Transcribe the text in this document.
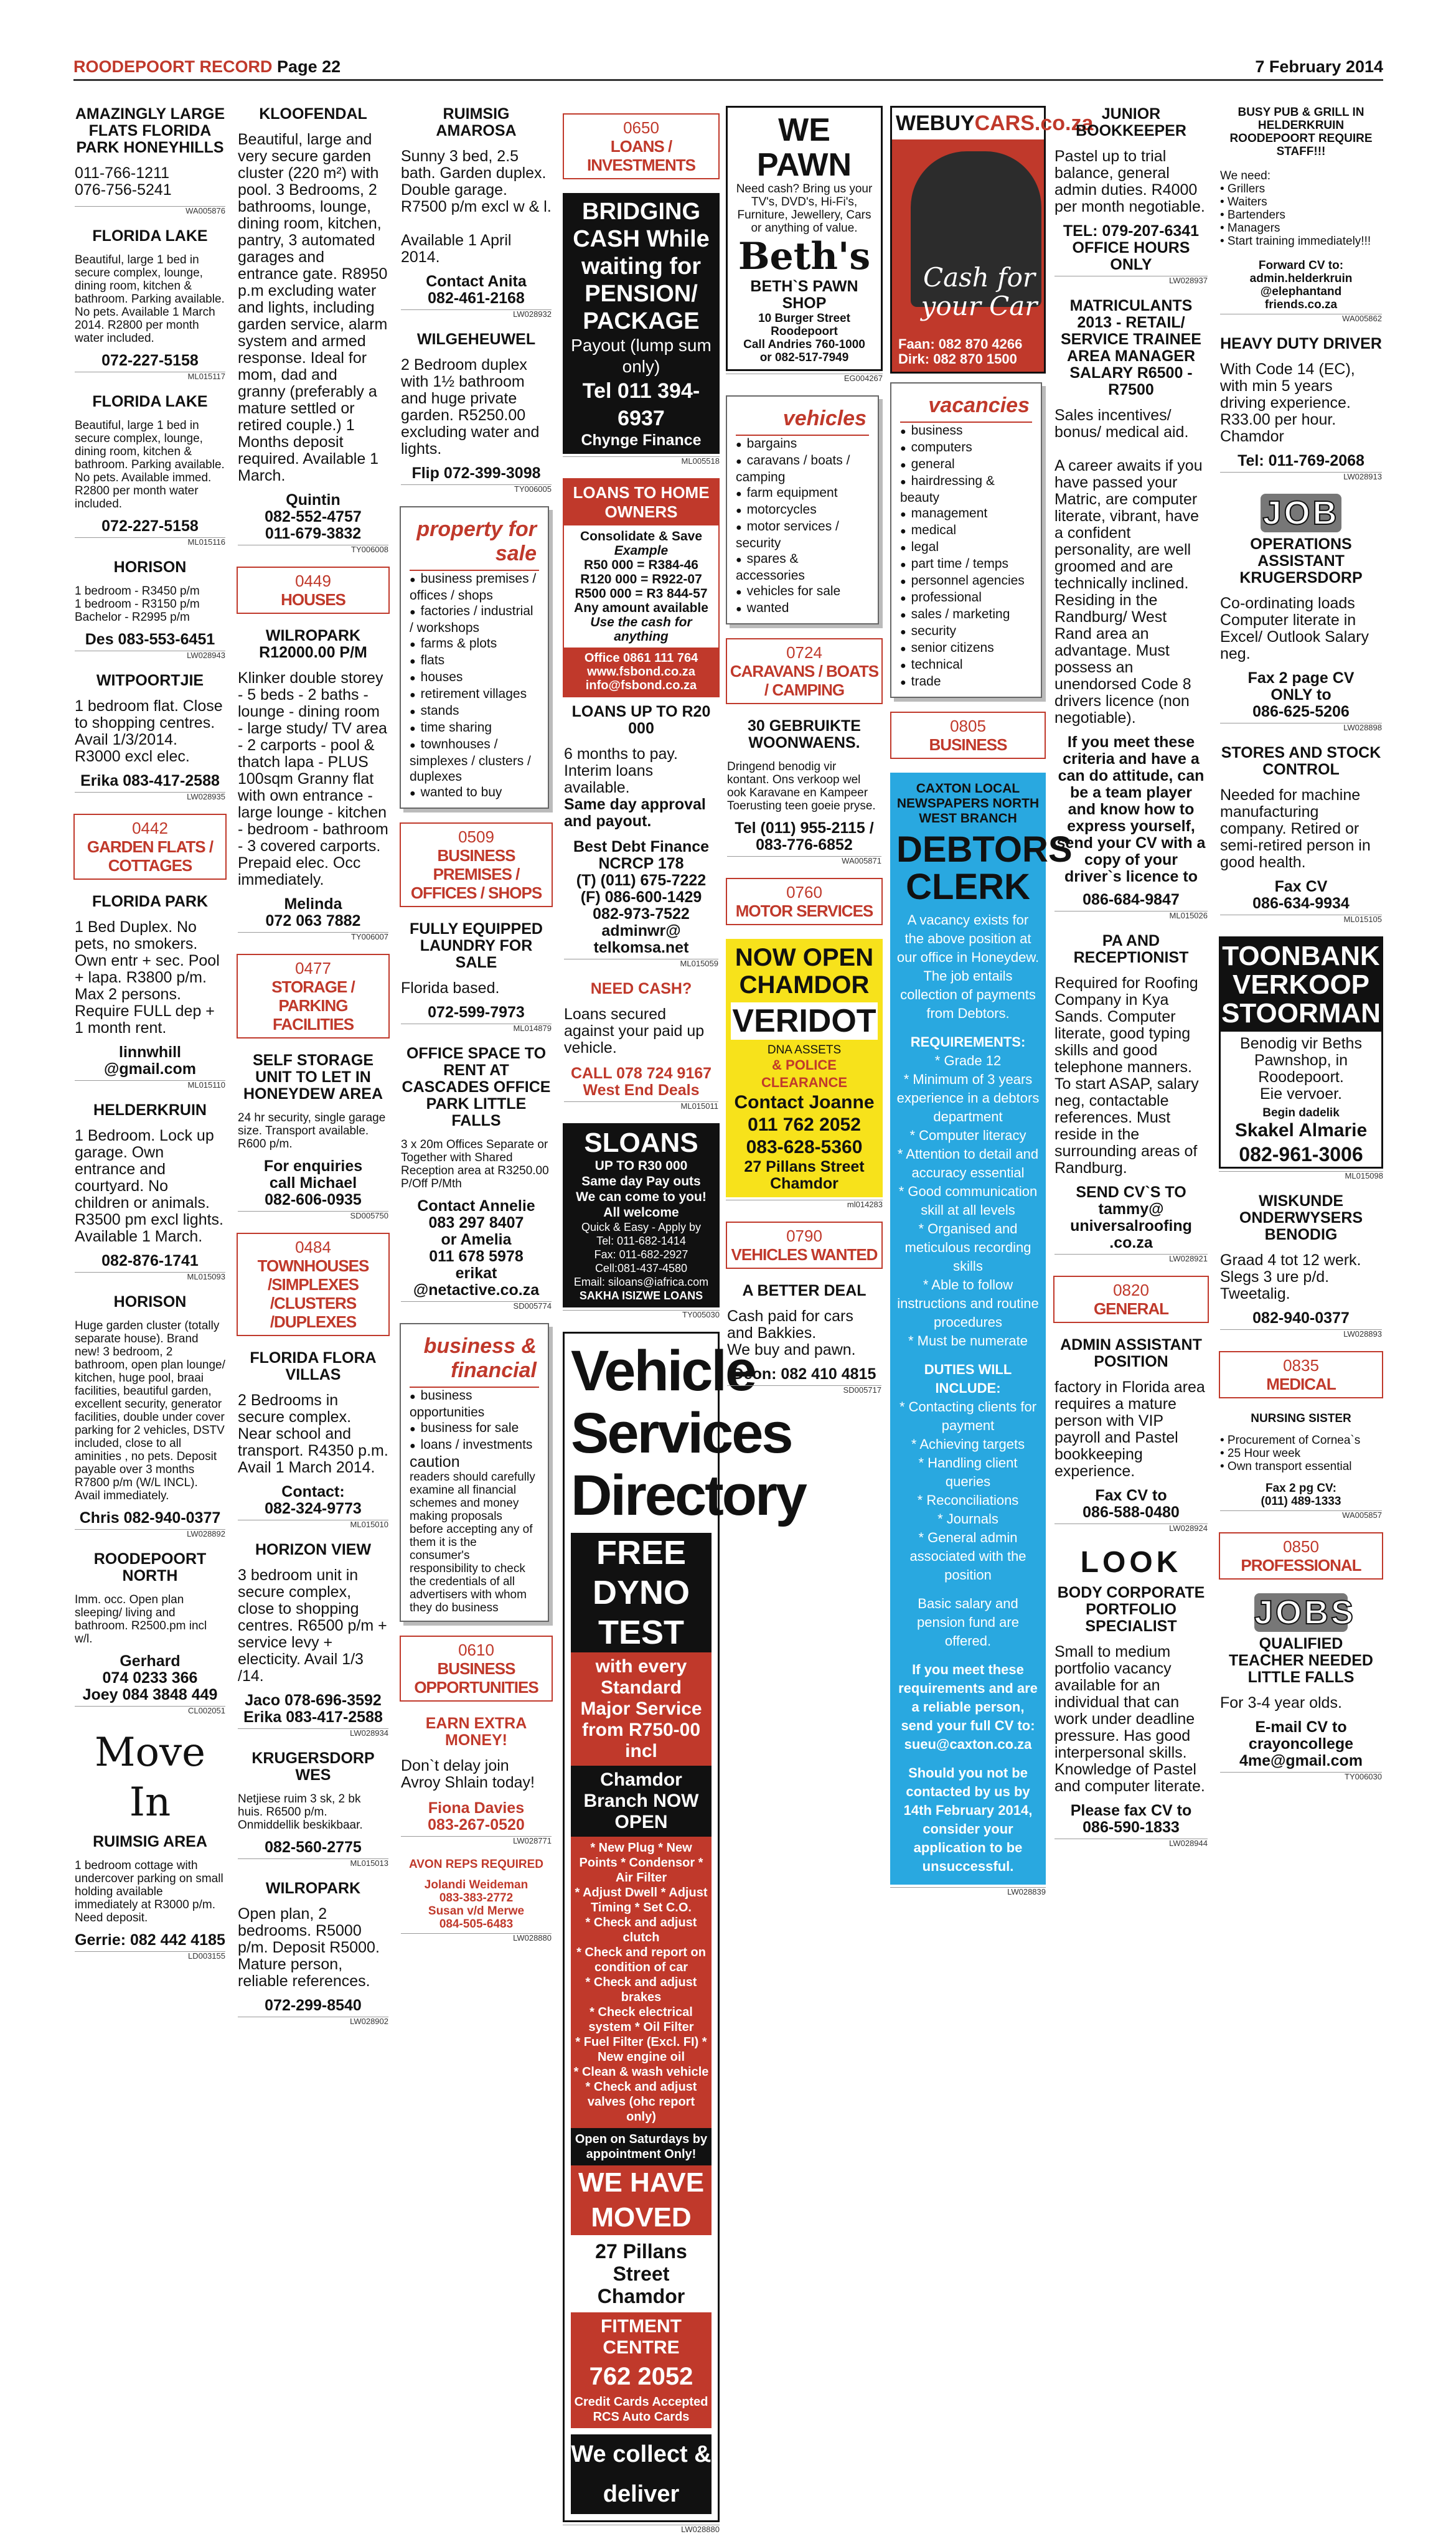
ROODEPOORT RECORD Page 22	7 February 2014
AMAZINGLY LARGE FLATS FLORIDA PARK HONEYHILLS
011-766-1211
076-756-5241
WA005876
FLORIDA LAKE
Beautiful, large 1 bed in secure complex, lounge, dining room, kitchen & bathroom. Parking available. No pets. Available 1 March 2014. R2800 per month water included.
072-227-5158
ML015117
FLORIDA LAKE
Beautiful, large 1 bed in secure complex, lounge, dining room, kitchen & bathroom. Parking available. No pets. Available immed. R2800 per month water included.
072-227-5158
ML015116
HORISON
1 bedroom - R3450 p/m
1 bedroom - R3150 p/m
Bachelor - R2995 p/m
Des 083-553-6451
LW028943
WITPOORTJIE
1 bedroom flat. Close to shopping centres. Avail 1/3/2014. R3000 excl elec.
Erika 083-417-2588
LW028935
0442
GARDEN FLATS / COTTAGES
FLORIDA PARK
1 Bed Duplex. No pets, no smokers. Own entr + sec. Pool + lapa. R3800 p/m. Max 2 persons. Require FULL dep + 1 month rent.
linnwhill @gmail.com
ML015110
HELDERKRUIN
1 Bedroom. Lock up garage. Own entrance and courtyard. No children or animals. R3500 pm excl lights. Available 1 March.
082-876-1741
ML015093
HORISON
Huge garden cluster (totally separate house). Brand new! 3 bedroom, 2 bathroom, open plan lounge/ kitchen, huge pool, braai facilities, beautiful garden, excellent security, generator facilities, double under cover parking for 2 vehicles, DSTV included, close to all aminities , no pets. Deposit payable over 3 months
R7800 p/m (W/L INCL). Avail immediately.
Chris 082-940-0377
LW028892
ROODEPOORT NORTH
Imm. occ. Open plan sleeping/ living and bathroom. R2500.pm incl w/l.
Gerhard
074 0233 366
Joey 084 3848 449
CL002051
Move In
RUIMSIG AREA
1 bedroom cottage with undercover parking on small holding available immediately at R3000 p/m. Need deposit.
Gerrie: 082 442 4185
LD003155
KLOOFENDAL
Beautiful, large and very secure garden cluster (220 m²) with pool. 3 Bedrooms, 2 bathrooms, lounge, dining room, kitchen, pantry, 3 automated garages and entrance gate. R8950 p.m excluding water and lights, including garden service, alarm system and armed response. Ideal for mom, dad and granny (preferably a mature settled or retired couple.) 1 Months deposit required. Available 1 March.
Quintin
082-552-4757
011-679-3832
TY006008
0449
HOUSES
WILROPARK R12000.00 P/M
Klinker double storey - 5 beds - 2 baths - lounge - dining room - large study/ TV area - 2 carports - pool & thatch lapa - PLUS 100sqm Granny flat with own entrance - large lounge - kitchen - bedroom - bathroom - 3 covered carports. Prepaid elec. Occ immediately.
Melinda
072 063 7882
TY006007
0477
STORAGE / PARKING FACILITIES
SELF STORAGE UNIT TO LET IN HONEYDEW AREA
24 hr security, single garage size. Transport available. R600 p/m.
For enquiries
call Michael
082-606-0935
SD005750
0484
TOWNHOUSES /SIMPLEXES /CLUSTERS /DUPLEXES
FLORIDA FLORA VILLAS
2 Bedrooms in secure complex. Near school and transport. R4350 p.m. Avail 1 March 2014.
Contact:
082-324-9773
ML015010
HORIZON VIEW
3 bedroom unit in secure complex, close to shopping centres. R6500 p/m + service levy + electicity. Avail 1/3 /14.
Jaco 078-696-3592
Erika 083-417-2588
LW028934
KRUGERSDORP WES
Netjiese ruim 3 sk, 2 bk huis. R6500 p/m. Onmiddellik beskikbaar.
082-560-2775
ML015013
WILROPARK
Open plan, 2 bedrooms. R5000 p/m. Deposit R5000. Mature person, reliable references.
072-299-8540
LW028902
RUIMSIG AMAROSA
Sunny 3 bed, 2.5 bath. Garden duplex. Double garage. R7500 p/m excl w & l.

Available 1 April 2014.
Contact Anita
082-461-2168
LW028932
WILGEHEUWEL
2 Bedroom duplex with 1½ bathroom and huge private garden. R5250.00 excluding water and lights.
Flip 072-399-3098
TY006005
property for sale
● business premises / offices / shops
● factories / industrial / workshops
● farms & plots
● flats
● houses
● retirement villages
● stands
● time sharing
● townhouses / simplexes / clusters / duplexes
● wanted to buy
0509
BUSINESS PREMISES / OFFICES / SHOPS
FULLY EQUIPPED LAUNDRY FOR SALE
Florida based.
072-599-7973
ML014879
OFFICE SPACE TO RENT AT CASCADES OFFICE PARK LITTLE FALLS
3 x 20m Offices Separate or Together with Shared Reception area at R3250.00 P/Off P/Mth
Contact Annelie
083 297 8407
or Amelia
011 678 5978
erikat
@netactive.co.za
SD005774
business & financial
● business opportunities
● business for sale
● loans / investments
caution
readers should carefully examine all financial schemes and money making proposals before accepting any of them it is the consumer's responsibility to check the credentials of all advertisers with whom they do business
0610
BUSINESS OPPORTUNITIES
EARN EXTRA MONEY!
Don`t delay join Avroy Shlain today!
Fiona Davies
083-267-0520
LW028771
AVON REPS REQUIRED
Jolandi Weideman
083-383-2772
Susan v/d Merwe
084-505-6483
LW028880
0650
LOANS / INVESTMENTS
BRIDGING CASH While waiting for PENSION/ PACKAGE
Payout (lump sum only)
Tel 011 394-6937
Chynge Finance
ML005518
LOANS TO HOME OWNERS
Consolidate & Save
Example
R50 000 = R384-46
R120 000 = R922-07
R500 000 = R3 844-57
Any amount available
Use the cash for anything
Office 0861 111 764
www.fsbond.co.za
info@fsbond.co.za
LOANS UP TO R20 000
6 months to pay. Interim loans available.
Same day approval and payout.
Best Debt Finance
NCRCP 178
(T) (011) 675-7222
(F) 086-600-1429
082-973-7522
adminwr@
telkomsa.net
ML015059
NEED CASH?
Loans secured against your paid up vehicle.
CALL 078 724 9167
West End Deals
ML015011
SLOANS
UP TO R30 000
Same day Pay outs
We can come to you!
All welcome
Quick & Easy - Apply by
Tel: 011-682-1414
Fax: 011-682-2927
Cell:081-437-4580
Email: siloans@iafrica.com
SAKHA ISIZWE LOANS
TY005030
Vehicle Services
Directory
FREE DYNO TEST
with every Standard Major Service from R750-00 incl
Chamdor Branch NOW OPEN
* New Plug * New Points * Condensor * Air Filter
* Adjust Dwell * Adjust Timing * Set C.O.
* Check and adjust clutch
* Check and report on condition of car
* Check and adjust brakes
* Check electrical system * Oil Filter
* Fuel Filter (Excl. FI) * New engine oil
* Clean & wash vehicle
* Check and adjust valves (ohc report only)
Open on Saturdays by appointment Only!
WE HAVE MOVED
27 Pillans Street Chamdor
FITMENT CENTRE
762 2052
Credit Cards Accepted
RCS Auto Cards
We collect & deliver
LW028880
WE PAWN
Need cash? Bring us your TV's, DVD's, Hi-Fi's, Furniture, Jewellery, Cars or anything of value.
Beth's
BETH`S PAWN SHOP
10 Burger Street
Roodepoort
Call Andries 760-1000
or 082-517-7949
EG004267
vehicles
● bargains
● caravans / boats / camping
● farm equipment
● motorcycles
● motor services / security
● spares & accessories
● vehicles for sale
● wanted
0724
CARAVANS / BOATS / CAMPING
30 GEBRUIKTE WOONWAENS.
Dringend benodig vir kontant. Ons verkoop wel ook Karavane en Kampeer Toerusting teen goeie pryse.
Tel (011) 955-2115 /
083-776-6852
WA005871
0760
MOTOR SERVICES
NOW OPEN CHAMDOR
VERIDOT
DNA ASSETS
& POLICE CLEARANCE
Contact Joanne
011 762 2052
083-628-5360
27 Pillans Street
Chamdor
ml014283
0790
VEHICLES WANTED
A BETTER DEAL
Cash paid for cars and Bakkies.
We buy and pawn.
Deon: 082 410 4815
SD005717
WEBUYCARS.co.za
Cash for your Car
Faan: 082 870 4266
Dirk: 082 870 1500
vacancies
● business
● computers
● general
● hairdressing & beauty
● management
● medical
● legal
● part time / temps
● personnel agencies
● professional
● sales / marketing
● security
● senior citizens
● technical
● trade
0805
BUSINESS
CAXTON LOCAL NEWSPAPERS NORTH WEST BRANCH
DEBTORS CLERK
A vacancy exists for the above position at our office in Honeydew. The job entails collection of payments from Debtors.
REQUIREMENTS:
* Grade 12
* Minimum of 3 years experience in a debtors department
* Computer literacy
* Attention to detail and accuracy essential
* Good communication skill at all levels
* Organised and meticulous recording skills
* Able to follow instructions and routine procedures
* Must be numerate
DUTIES WILL INCLUDE:
* Contacting clients for payment
* Achieving targets
* Handling client queries
* Reconciliations
* Journals
* General admin associated with the position
Basic salary and pension fund are offered.
If you meet these requirements and are a reliable person, send your full CV to: sueu@caxton.co.za
Should you not be contacted by us by 14th February 2014, consider your application to be unsuccessful.
LW028839
JUNIOR BOOKKEEPER
Pastel up to trial balance, general admin duties. R4000 per month negotiable.
TEL: 079-207-6341
OFFICE HOURS ONLY
LW028937
MATRICULANTS 2013 - RETAIL/ SERVICE TRAINEE AREA MANAGER SALARY R6500 - R7500
Sales incentives/ bonus/ medical aid.

A career awaits if you have passed your Matric, are computer literate, vibrant, have a confident personality, are well groomed and are technically inclined. Residing in the Randburg/ West Rand area an advantage. Must possess an unendorsed Code 8 drivers licence (non negotiable).
If you meet these criteria and have a can do attitude, can be a team player and know how to express yourself, send your CV with a copy of your driver`s licence to
086-684-9847
ML015026
PA AND RECEPTIONIST
Required for Roofing Company in Kya Sands. Computer literate, good typing skills and good telephone manners. To start ASAP, salary neg, contactable references. Must reside in the surrounding areas of Randburg.
SEND CV`S TO
tammy@
universalroofing
.co.za
LW028921
0820
GENERAL
ADMIN ASSISTANT POSITION
factory in Florida area requires a mature person with VIP payroll and Pastel bookkeeping experience.
Fax CV to
086-588-0480
LW028924
LOOK
BODY CORPORATE PORTFOLIO SPECIALIST
Small to medium portfolio vacancy available for an individual that can work under deadline pressure. Has good interpersonal skills. Knowledge of Pastel and computer literate.
Please fax CV to
086-590-1833
LW028944
BUSY PUB & GRILL IN HELDERKRUIN ROODEPOORT REQUIRE STAFF!!!
We need:
• Grillers
• Waiters
• Bartenders
• Managers
• Start training immediately!!!
Forward CV to:
admin.helderkruin
@elephantand
friends.co.za
WA005862
HEAVY DUTY DRIVER
With Code 14 (EC), with min 5 years driving experience. R33.00 per hour. Chamdor
Tel: 011-769-2068
LW028913
JOB
OPERATIONS ASSISTANT KRUGERSDORP
Co-ordinating loads Computer literate in Excel/ Outlook Salary neg.
Fax 2 page CV
ONLY to
086-625-5206
LW028898
STORES AND STOCK CONTROL
Needed for machine manufacturing company. Retired or semi-retired person in good health.
Fax CV
086-634-9934
ML015105
TOONBANK VERKOOP STOORMAN
Benodig vir Beths Pawnshop, in Roodepoort.
Eie vervoer.
Begin dadelik
Skakel Almarie
082-961-3006
ML015098
WISKUNDE ONDERWYSERS BENODIG
Graad 4 tot 12 werk. Slegs 3 ure p/d. Tweetalig.
082-940-0377
LW028893
0835
MEDICAL
NURSING SISTER
• Procurement of Cornea`s
• 25 Hour week
• Own transport essential
Fax 2 pg CV:
(011) 489-1333
WA005857
0850
PROFESSIONAL
JOBS
QUALIFIED TEACHER NEEDED LITTLE FALLS
For 3-4 year olds.
E-mail CV to
crayoncollege
4me@gmail.com
TY006030
